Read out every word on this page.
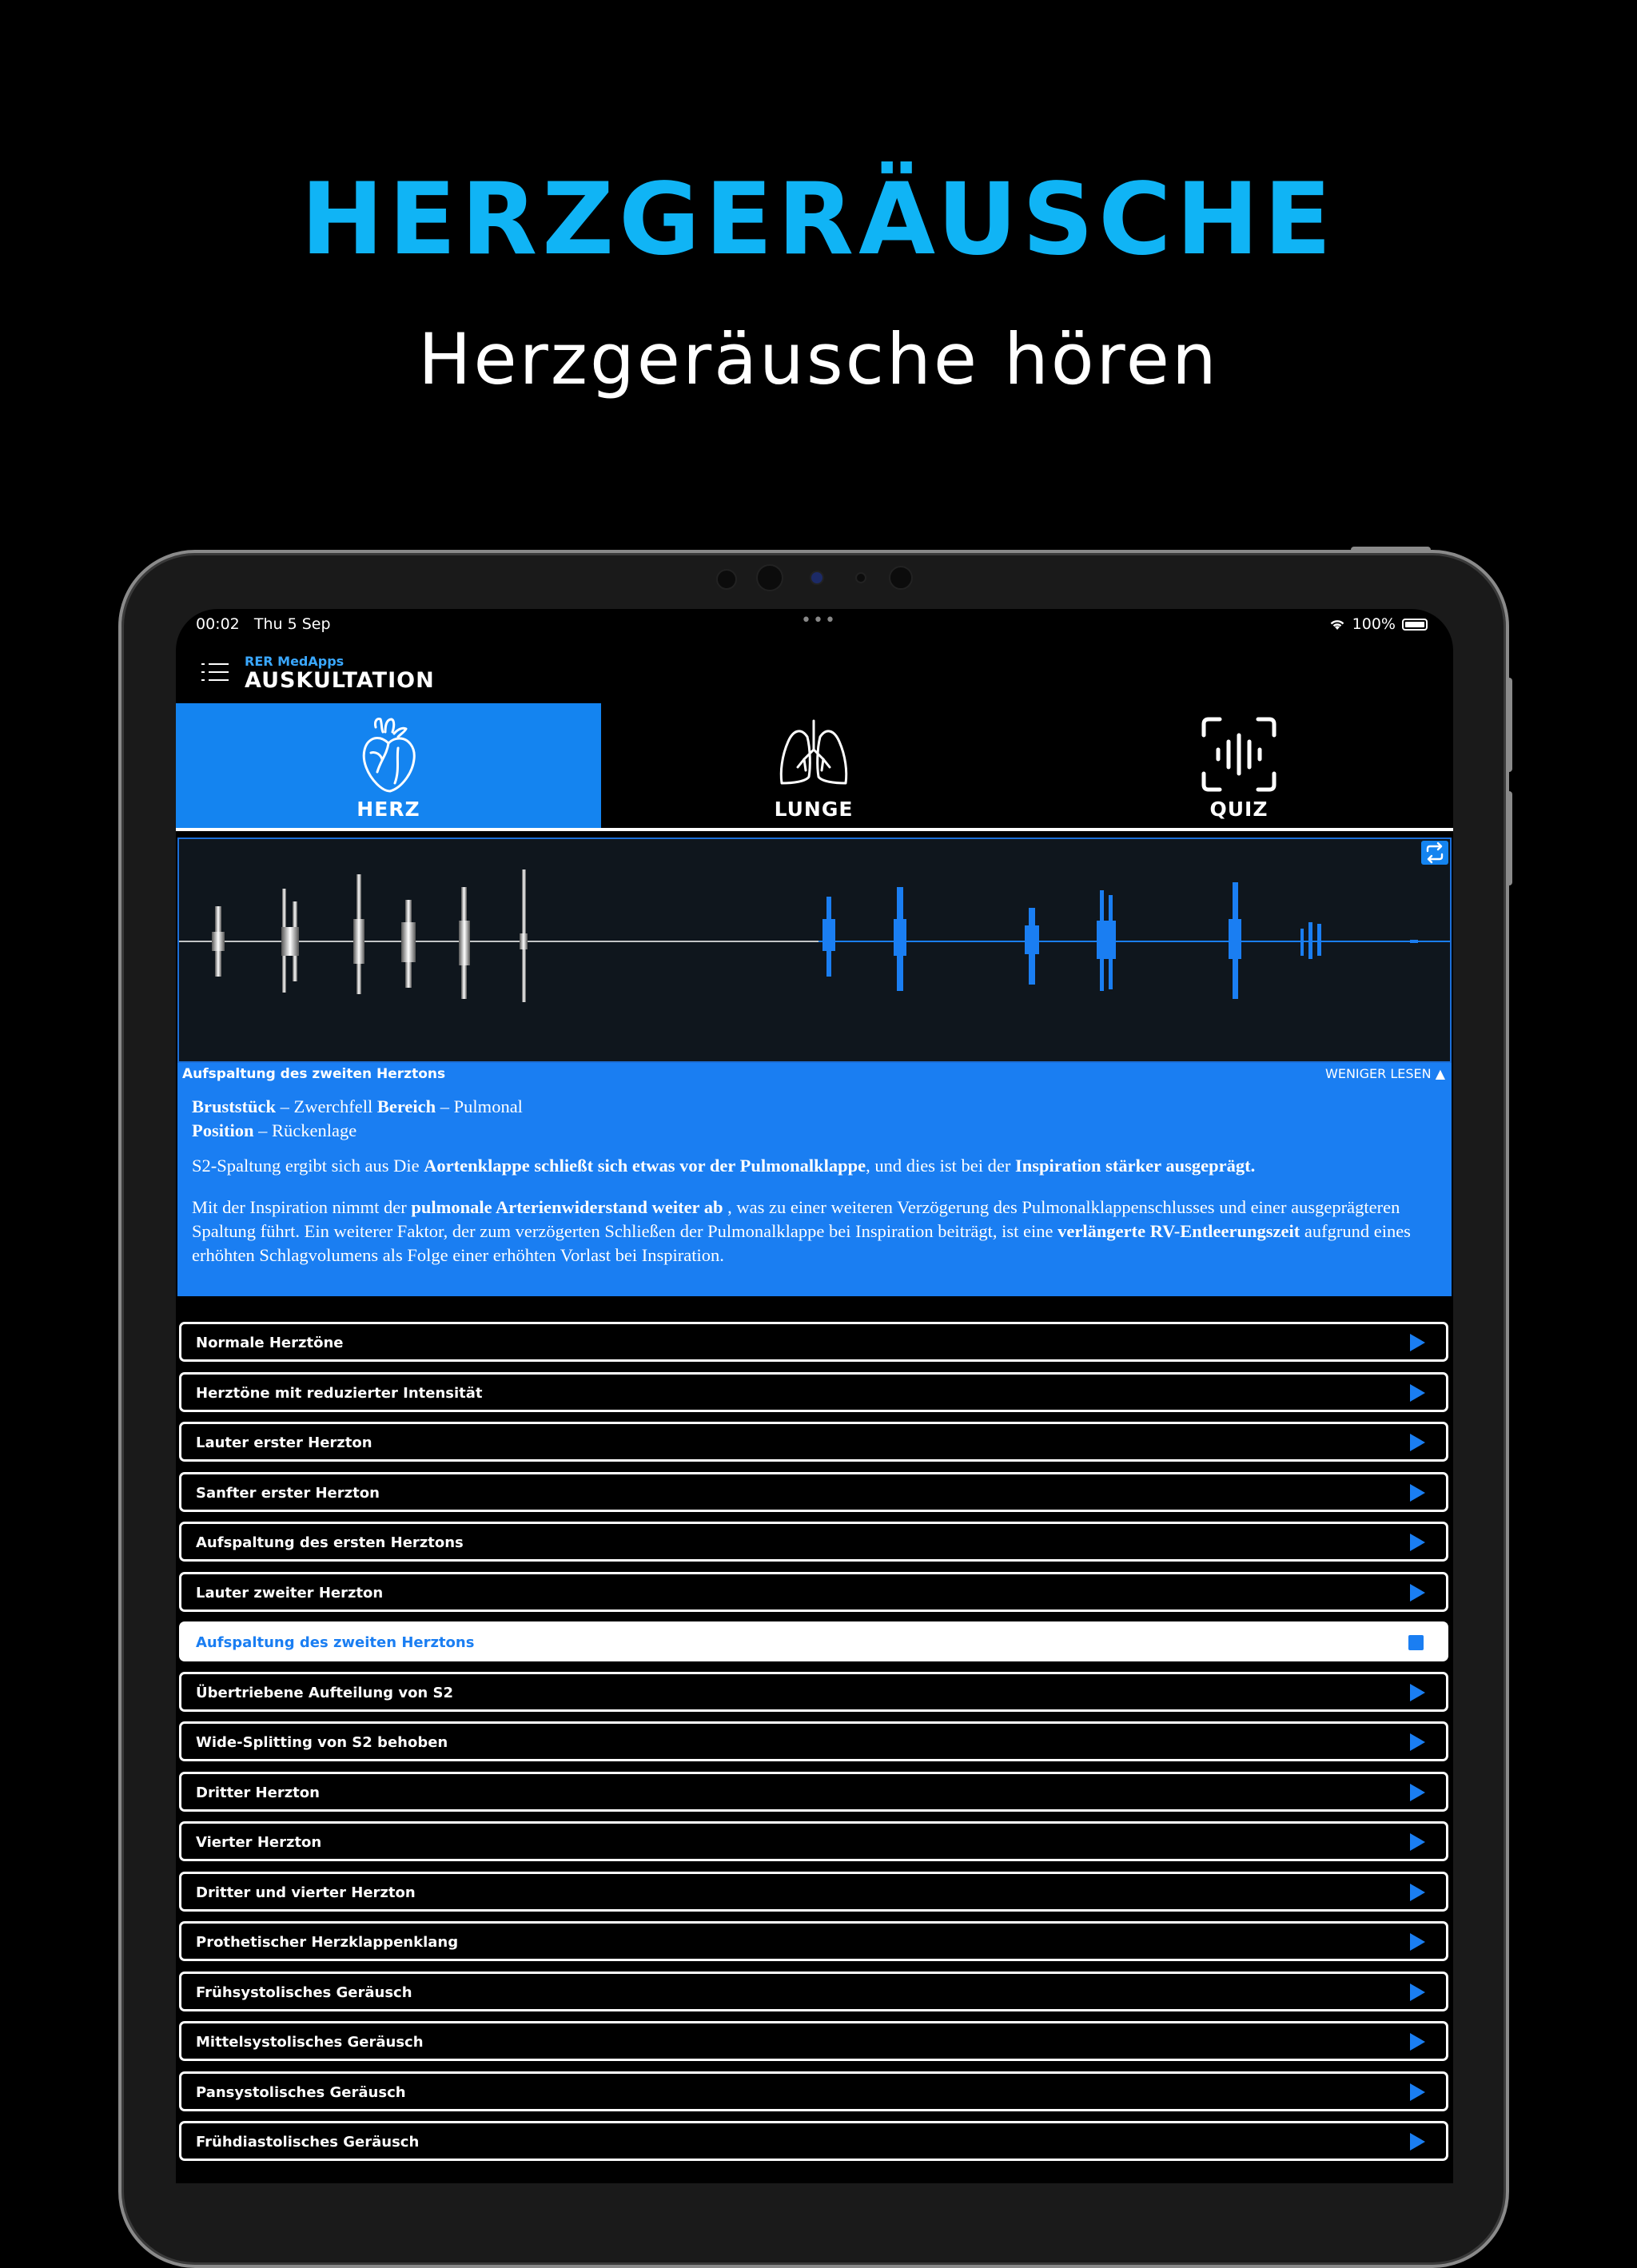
HERZGERÄUSCHE
Herzgeräusche hören
00:02 Thu 5 Sep	•••	100%
RER MedApps
AUSKULTATION
HERZ	LUNGE	QUIZ
Aufspaltung des zweiten Herztons	WENIGER LESEN ▲

Bruststück – Zwerchfell Bereich – Pulmonal

Position – Rückenlage

S2-Spaltung ergibt sich aus Die Aortenklappe schließt sich etwas vor der Pulmonalklappe, und dies ist bei der Inspiration stärker ausgeprägt.

Mit der Inspiration nimmt der pulmonale Arterienwiderstand weiter ab , was zu einer weiteren Verzögerung des Pulmonalklappenschlusses und einer ausgeprägteren Spaltung führt. Ein weiterer Faktor, der zum verzögerten Schließen der Pulmonalklappe bei Inspiration beiträgt, ist eine verlängerte RV-Entleerungszeit aufgrund eines erhöhten Schlagvolumens als Folge einer erhöhten Vorlast bei Inspiration.

Normale Herztöne
Herztöne mit reduzierter Intensität
Lauter erster Herzton
Sanfter erster Herzton
Aufspaltung des ersten Herztons
Lauter zweiter Herzton
Aufspaltung des zweiten Herztons
Übertriebene Aufteilung von S2
Wide-Splitting von S2 behoben
Dritter Herzton
Vierter Herzton
Dritter und vierter Herzton
Prothetischer Herzklappenklang
Frühsystolisches Geräusch
Mittelsystolisches Geräusch
Pansystolisches Geräusch
Frühdiastolisches Geräusch
